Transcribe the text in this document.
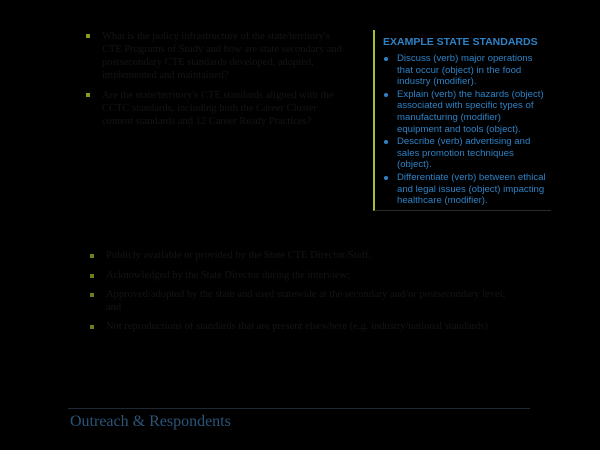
What is the policy infrastructure of the state/territory's CTE Programs of Study and how are state secondary and postsecondary CTE standards developed, adopted, implemented and maintained?
Are the state/territory's CTE standards aligned with the CCTC standards, including both the Career Cluster content standards and 12 Career Ready Practices?
EXAMPLE STATE STANDARDS
Discuss (verb) major operations that occur (object) in the food industry (modifier).
Explain (verb) the hazards (object) associated with specific types of manufacturing (modifier) equipment and tools (object).
Describe (verb) advertising and sales promotion techniques (object).
Differentiate (verb) between ethical and legal issues (object) impacting healthcare (modifier).
Publicly available or provided by the State CTE Director/Staff;
Acknowledged by the State Director during the interview;
Approved/adopted by the state and used statewide at the secondary and/or postsecondary level; and
Not reproductions of standards that are present elsewhere (e.g. industry/national standards)
Outreach & Respondents
